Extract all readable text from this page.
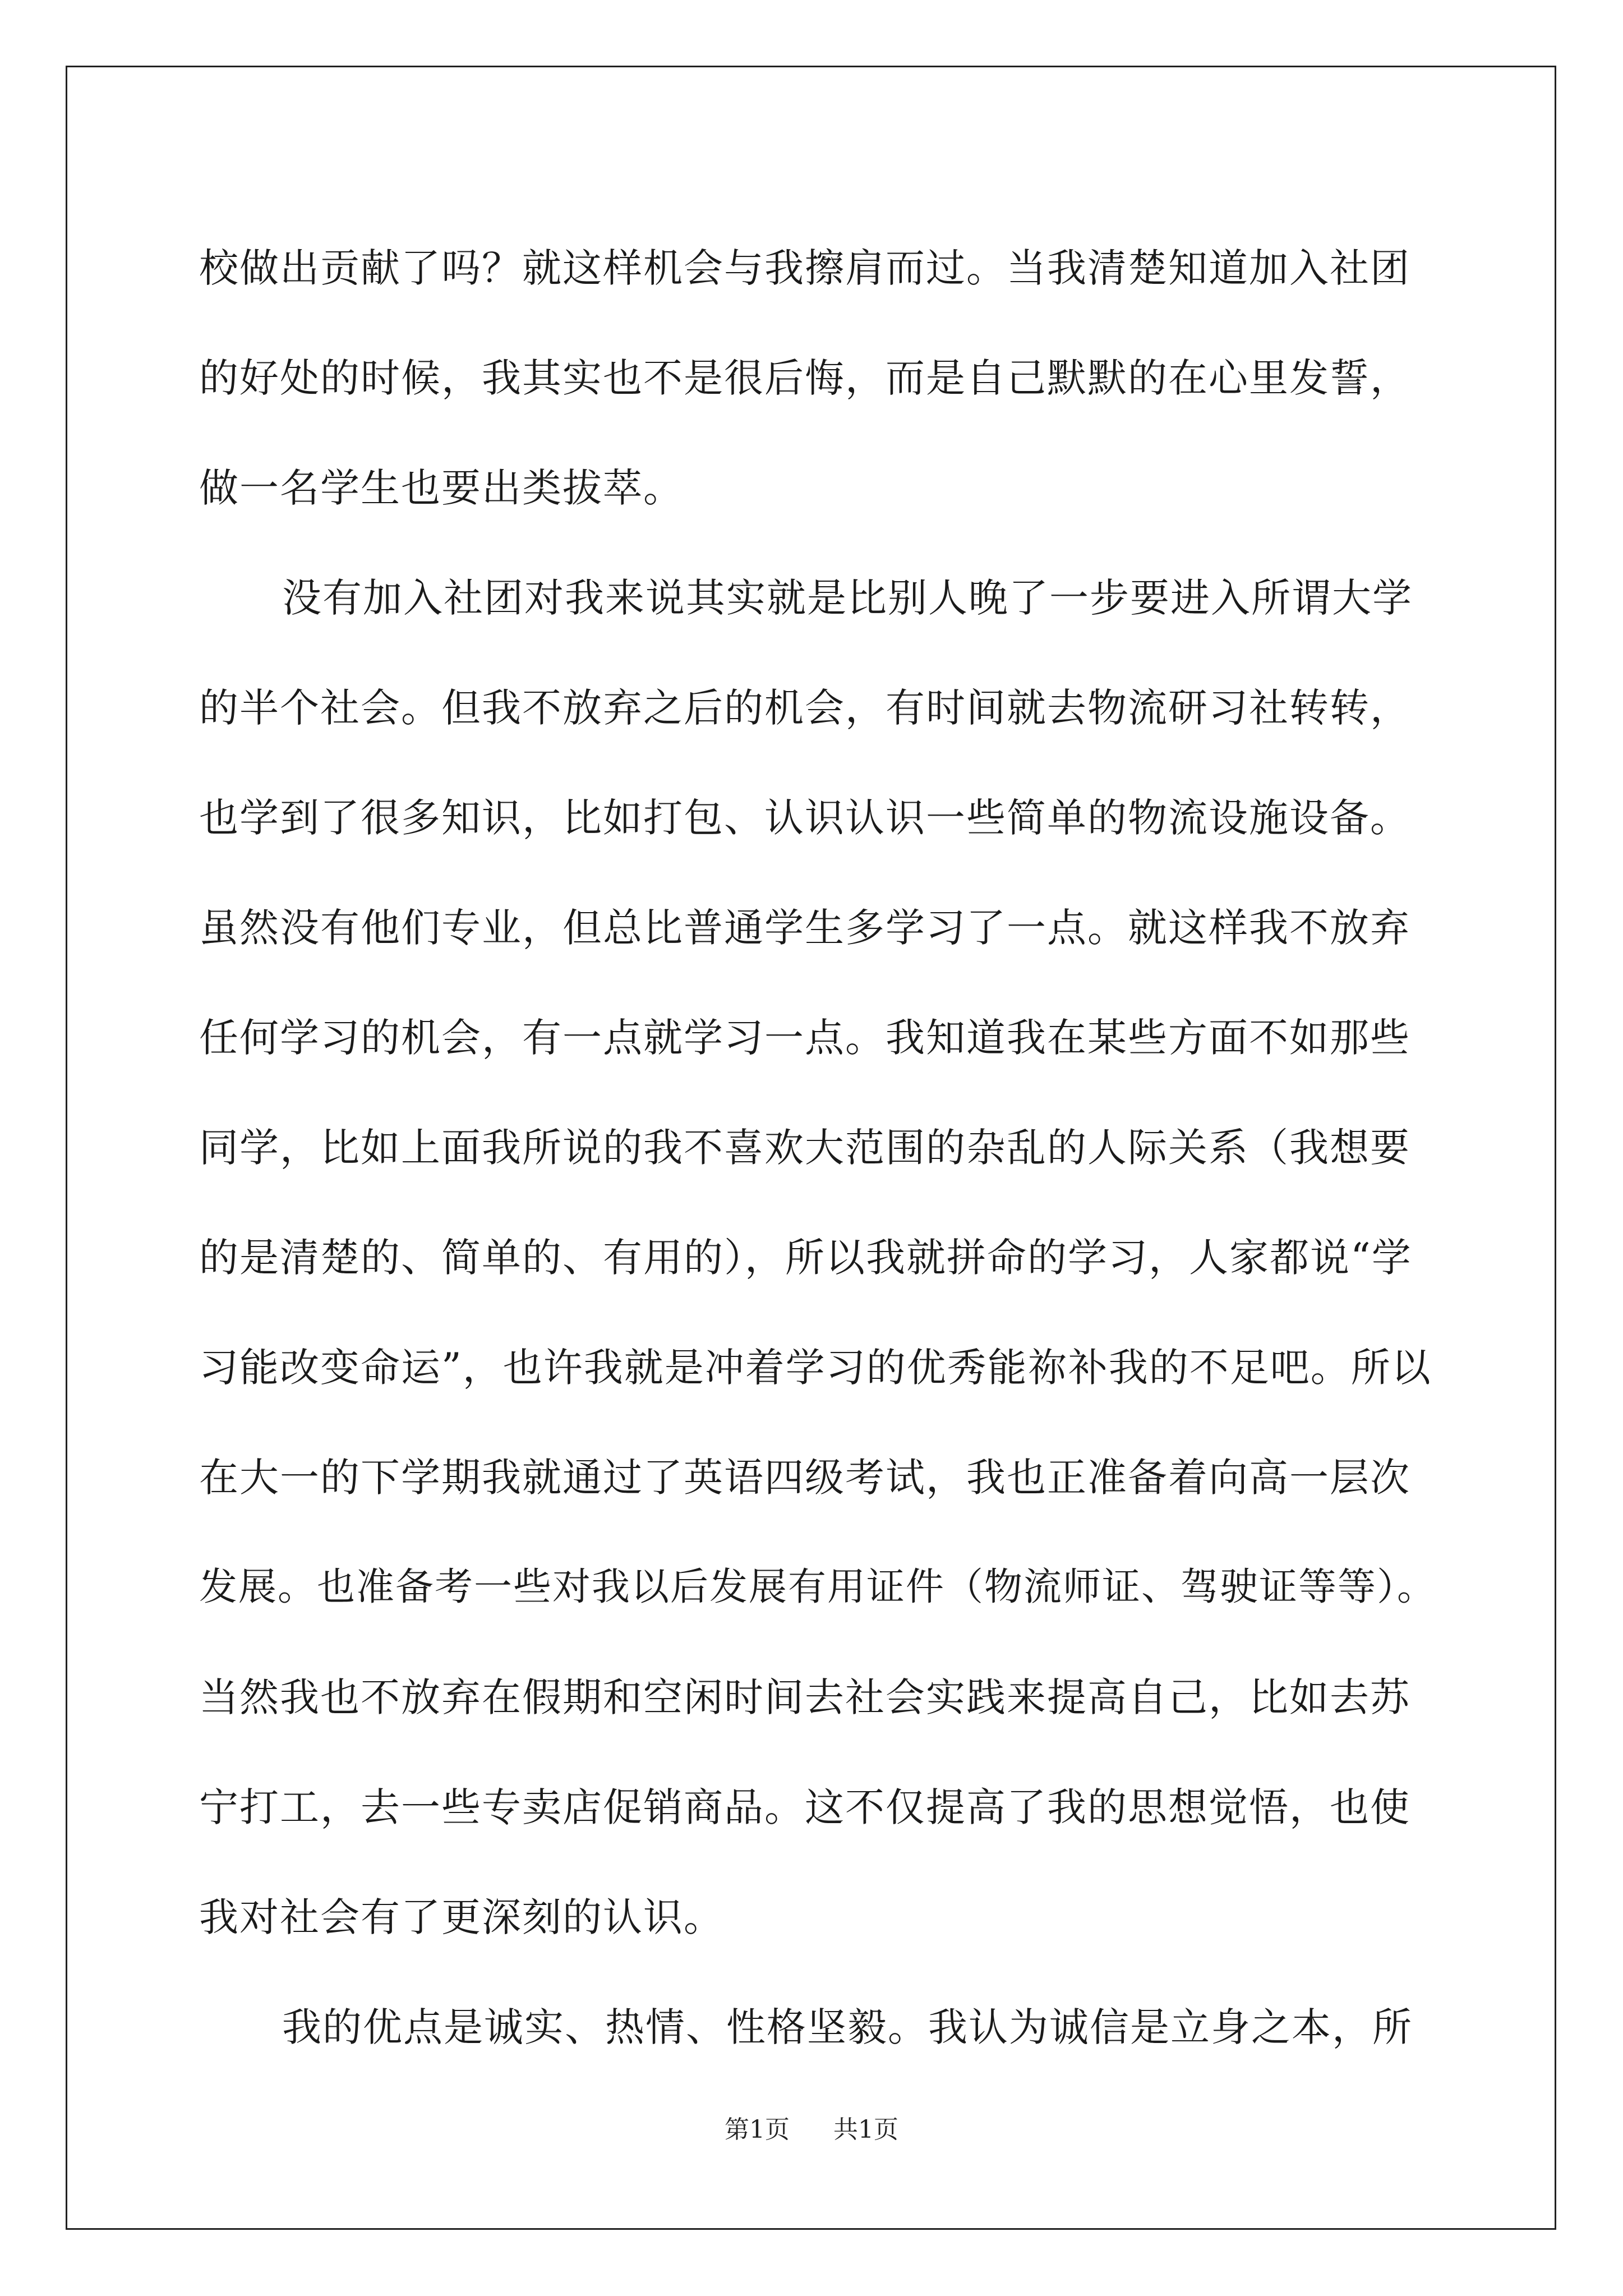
校做出贡献了吗？就这样机会与我擦肩而过。当我清楚知道加入社团
的好处的时候，我其实也不是很后悔，而是自己默默的在心里发誓，
做一名学生也要出类拔萃。
没有加入社团对我来说其实就是比别人晚了一步要进入所谓大学
的半个社会。但我不放弃之后的机会，有时间就去物流研习社转转，
也学到了很多知识，比如打包、认识认识一些简单的物流设施设备。
虽然没有他们专业，但总比普通学生多学习了一点。就这样我不放弃
任何学习的机会，有一点就学习一点。我知道我在某些方面不如那些
同学，比如上面我所说的我不喜欢大范围的杂乱的人际关系（我想要
的是清楚的、简单的、有用的），所以我就拼命的学习，人家都说“学
习能改变命运”，也许我就是冲着学习的优秀能祢补我的不足吧。所以
在大一的下学期我就通过了英语四级考试，我也正准备着向高一层次
发展。也准备考一些对我以后发展有用证件（物流师证、驾驶证等等）。
当然我也不放弃在假期和空闲时间去社会实践来提高自己，比如去苏
宁打工，去一些专卖店促销商品。这不仅提高了我的思想觉悟，也使
我对社会有了更深刻的认识。
我的优点是诚实、热情、性格坚毅。我认为诚信是立身之本，所
第1页 共1页
